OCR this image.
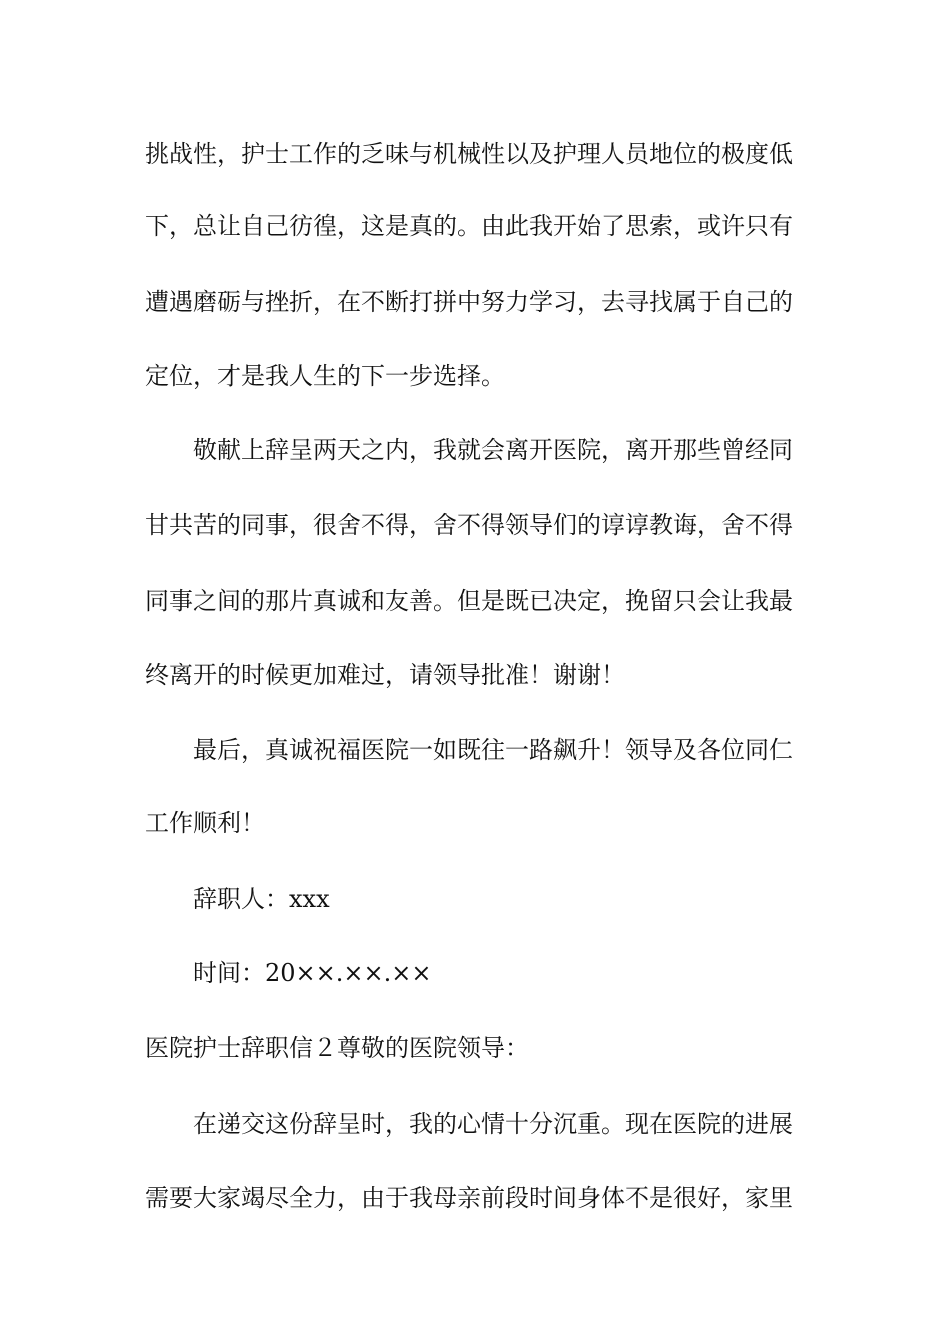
挑战性，护士工作的乏味与机械性以及护理人员地位的极度低
下，总让自己彷徨，这是真的。由此我开始了思索，或许只有
遭遇磨砺与挫折，在不断打拼中努力学习，去寻找属于自己的
定位，才是我人生的下一步选择。
敬献上辞呈两天之内，我就会离开医院，离开那些曾经同
甘共苦的同事，很舍不得，舍不得领导们的谆谆教诲，舍不得
同事之间的那片真诚和友善。但是既已决定，挽留只会让我最
终离开的时候更加难过，请领导批准！谢谢！
最后，真诚祝福医院一如既往一路飙升！领导及各位同仁
工作顺利！
辞职人：xxx
时间：20××.××.××
医院护士辞职信２尊敬的医院领导：
在递交这份辞呈时，我的心情十分沉重。现在医院的进展
需要大家竭尽全力，由于我母亲前段时间身体不是很好，家里
